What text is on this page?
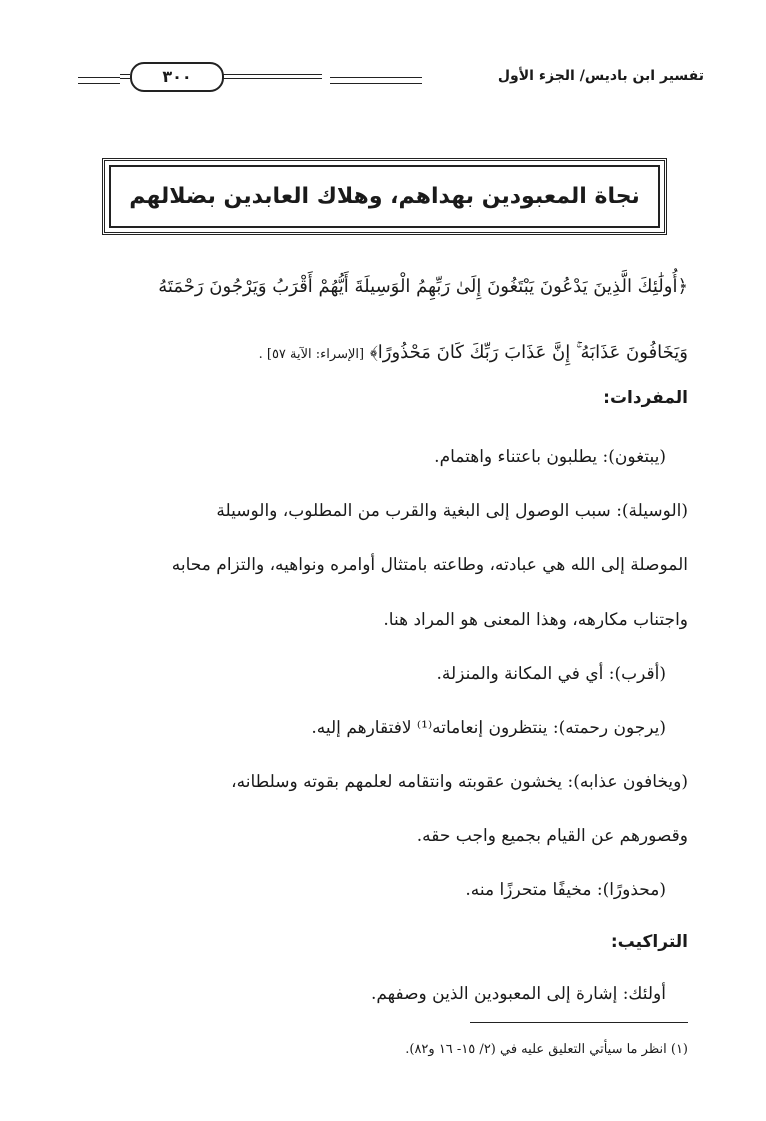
تفسير ابن باديس/ الجزء الأول
٣٠٠
نجاة المعبودين بهداهم، وهلاك العابدين بضلالهم
﴿أُولَٰئِكَ الَّذِينَ يَدْعُونَ يَبْتَغُونَ إِلَىٰ رَبِّهِمُ الْوَسِيلَةَ أَيُّهُمْ أَقْرَبُ وَيَرْجُونَ رَحْمَتَهُ
وَيَخَافُونَ عَذَابَهُ ۚ إِنَّ عَذَابَ رَبِّكَ كَانَ مَحْذُورًا﴾ [الإسراء: الآية ٥٧] .
المفردات:
(يبتغون): يطلبون باعتناء واهتمام.
(الوسيلة): سبب الوصول إلى البغية والقرب من المطلوب، والوسيلة
الموصلة إلى الله هي عبادته، وطاعته بامتثال أوامره ونواهيه، والتزام محابه
واجتناب مكارهه، وهذا المعنى هو المراد هنا.
(أقرب): أي في المكانة والمنزلة.
(يرجون رحمته): ينتظرون إنعاماته⁽¹⁾ لافتقارهم إليه.
(ويخافون عذابه): يخشون عقوبته وانتقامه لعلمهم بقوته وسلطانه،
وقصورهم عن القيام بجميع واجب حقه.
(محذورًا): مخيفًا متحرزًا منه.
التراكيب:
أولئك: إشارة إلى المعبودين الذين وصفهم.
(١) انظر ما سيأتي التعليق عليه في (٢/ ١٥- ١٦ و٨٢).
